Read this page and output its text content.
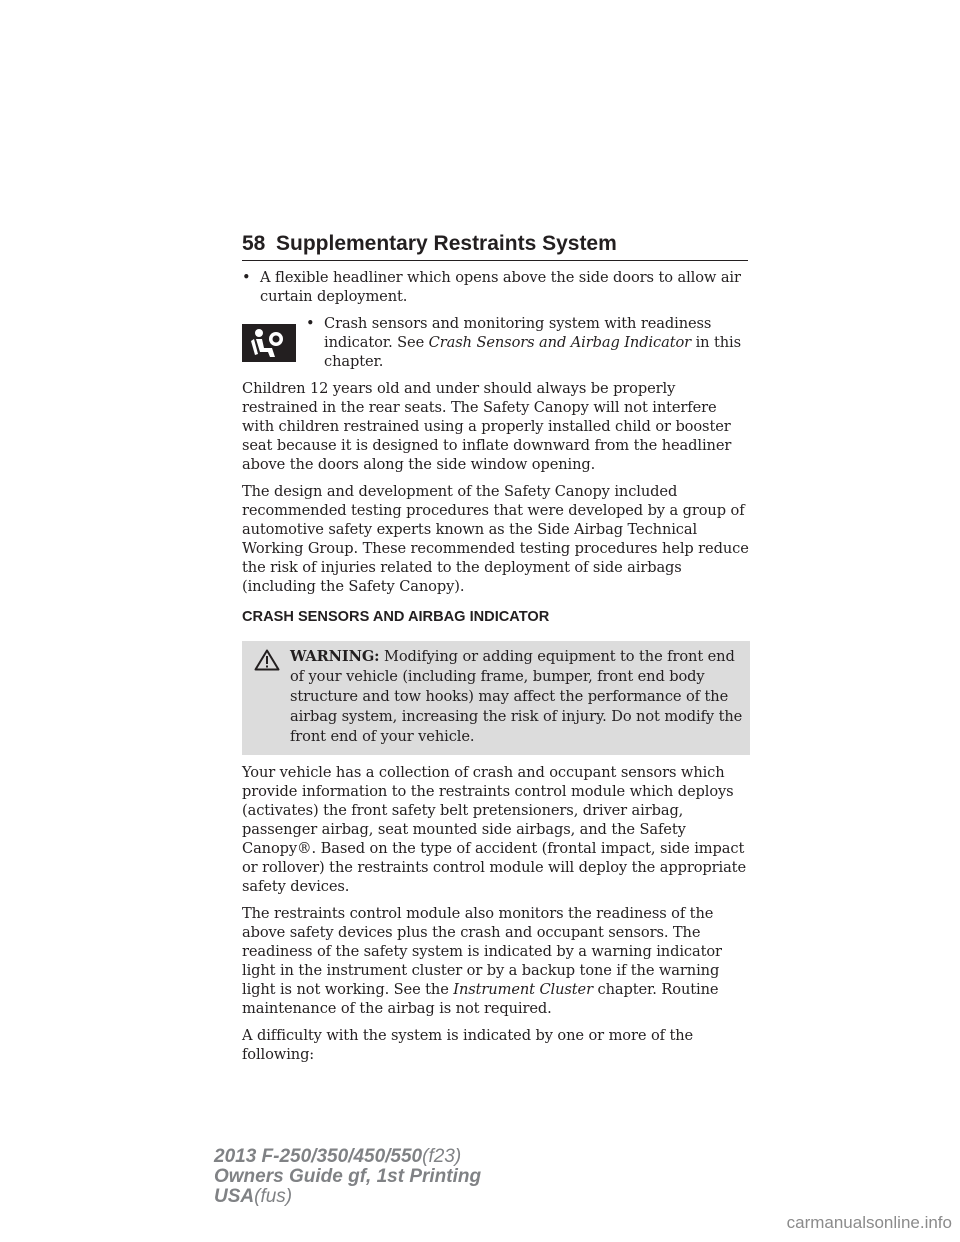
58 Supplementary Restraints System
• A flexible headliner which opens above the side doors to allow air curtain deployment.
• Crash sensors and monitoring system with readiness indicator. See Crash Sensors and Airbag Indicator in this chapter.

Children 12 years old and under should always be properly restrained in the rear seats. The Safety Canopy will not interfere with children restrained using a properly installed child or booster seat because it is designed to inflate downward from the headliner above the doors along the side window opening.

The design and development of the Safety Canopy included recommended testing procedures that were developed by a group of automotive safety experts known as the Side Airbag Technical Working Group. These recommended testing procedures help reduce the risk of injuries related to the deployment of side airbags (including the Safety Canopy).

CRASH SENSORS AND AIRBAG INDICATOR
WARNING: Modifying or adding equipment to the front end of your vehicle (including frame, bumper, front end body structure and tow hooks) may affect the performance of the airbag system, increasing the risk of injury. Do not modify the front end of your vehicle.

Your vehicle has a collection of crash and occupant sensors which provide information to the restraints control module which deploys (activates) the front safety belt pretensioners, driver airbag, passenger airbag, seat mounted side airbags, and the Safety Canopy®. Based on the type of accident (frontal impact, side impact or rollover) the restraints control module will deploy the appropriate safety devices.

The restraints control module also monitors the readiness of the above safety devices plus the crash and occupant sensors. The readiness of the safety system is indicated by a warning indicator light in the instrument cluster or by a backup tone if the warning light is not working. See the Instrument Cluster chapter. Routine maintenance of the airbag is not required.

A difficulty with the system is indicated by one or more of the following:

2013 F-250/350/450/550(f23)
Owners Guide gf, 1st Printing
USA(fus)
carmanualsonline.info
